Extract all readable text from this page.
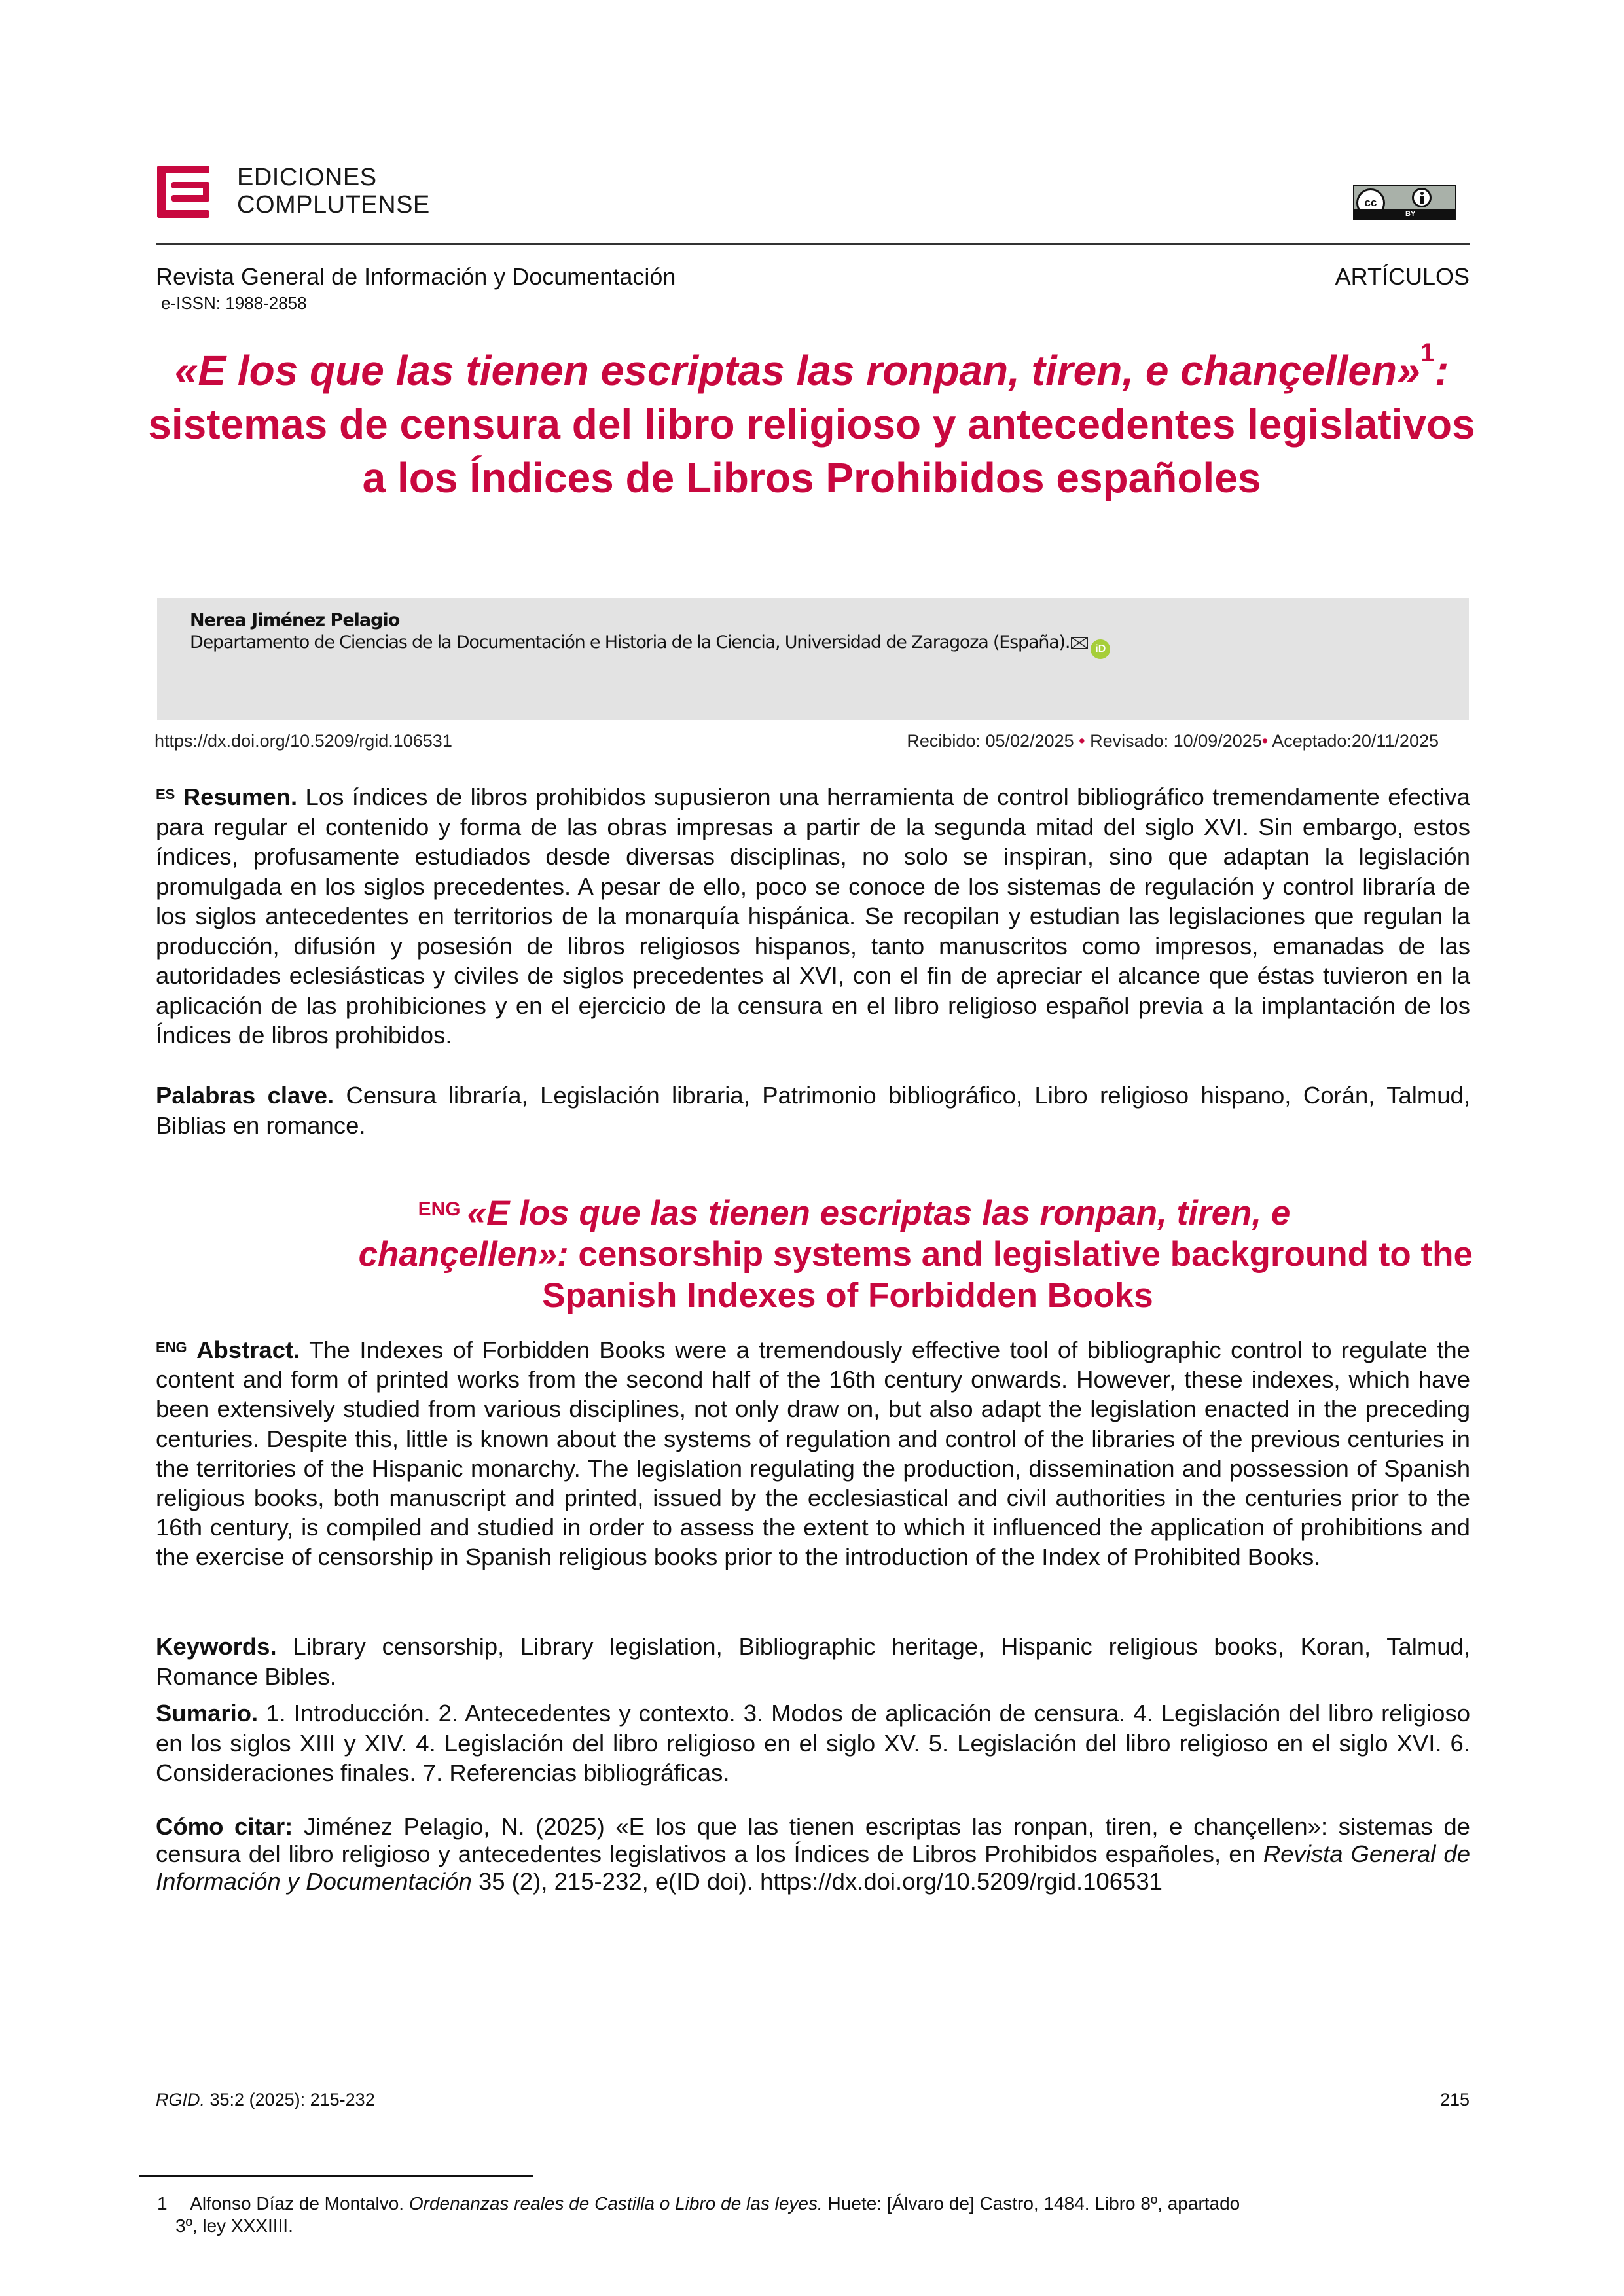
EDICIONES
COMPLUTENSE	cc
BY
Revista General de Información y Documentación	ARTÍCULOS
e-ISSN: 1988-2858
«E los que las tienen escriptas las ronpan, tiren, e chançellen»$^1$: sistemas de censura del libro religioso y antecedentes legislativos a los Índices de Libros Prohibidos españoles
Nerea Jiménez Pelagio
Departamento de Ciencias de la Documentación e Historia de la Ciencia, Universidad de Zaragoza (España). iD
https://dx.doi.org/10.5209/rgid.106531	Recibido: 05/02/2025 • Revisado: 10/09/2025• Aceptado:20/11/2025
$^{ES}$ Resumen. Los índices de libros prohibidos supusieron una herramienta de control bibliográfico tremendamente efectiva para regular el contenido y forma de las obras impresas a partir de la segunda mitad del siglo XVI. Sin embargo, estos índices, profusamente estudiados desde diversas disciplinas, no solo se inspiran, sino que adaptan la legislación promulgada en los siglos precedentes. A pesar de ello, poco se conoce de los sistemas de regulación y control libraría de los siglos antecedentes en territorios de la monarquía hispánica. Se recopilan y estudian las legislaciones que regulan la producción, difusión y posesión de libros religiosos hispanos, tanto manuscritos como impresos, emanadas de las autoridades eclesiásticas y civiles de siglos precedentes al XVI, con el fin de apreciar el alcance que éstas tuvieron en la aplicación de las prohibiciones y en el ejercicio de la censura en el libro religioso español previa a la implantación de los Índices de libros prohibidos.
Palabras clave. Censura libraría, Legislación libraria, Patrimonio bibliográfico, Libro religioso hispano, Corán, Talmud, Biblias en romance.
$^{ENG}$ «E los que las tienen escriptas las ronpan, tiren, e
chançellen»: censorship systems and legislative background to the
Spanish Indexes of Forbidden Books
$^{ENG}$ Abstract. The Indexes of Forbidden Books were a tremendously effective tool of bibliographic control to regulate the content and form of printed works from the second half of the 16th century onwards. However, these indexes, which have been extensively studied from various disciplines, not only draw on, but also adapt the legislation enacted in the preceding centuries. Despite this, little is known about the systems of regulation and control of the libraries of the previous centuries in the territories of the Hispanic monarchy. The legislation regulating the production, dissemination and possession of Spanish religious books, both manuscript and printed, issued by the ecclesiastical and civil authorities in the centuries prior to the 16th century, is compiled and studied in order to assess the extent to which it influenced the application of prohibitions and the exercise of censorship in Spanish religious books prior to the introduction of the Index of Prohibited Books.
Keywords. Library censorship, Library legislation, Bibliographic heritage, Hispanic religious books, Koran, Talmud, Romance Bibles.
Sumario. 1. Introducción. 2. Antecedentes y contexto. 3. Modos de aplicación de censura. 4. Legislación del libro religioso en los siglos XIII y XIV. 4. Legislación del libro religioso en el siglo XV. 5. Legislación del libro religioso en el siglo XVI. 6. Consideraciones finales. 7. Referencias bibliográficas.
Cómo citar: Jiménez Pelagio, N. (2025) «E los que las tienen escriptas las ronpan, tiren, e chançellen»: sistemas de censura del libro religioso y antecedentes legislativos a los Índices de Libros Prohibidos españoles, en Revista General de Información y Documentación 35 (2), 215-232, e(ID doi). https://dx.doi.org/10.5209/rgid.106531
RGID. 35:2 (2025): 215-232	215
1 Alfonso Díaz de Montalvo. Ordenanzas reales de Castilla o Libro de las leyes. Huete: [Álvaro de] Castro, 1484. Libro 8º, apartado
3º, ley XXXIIII.
